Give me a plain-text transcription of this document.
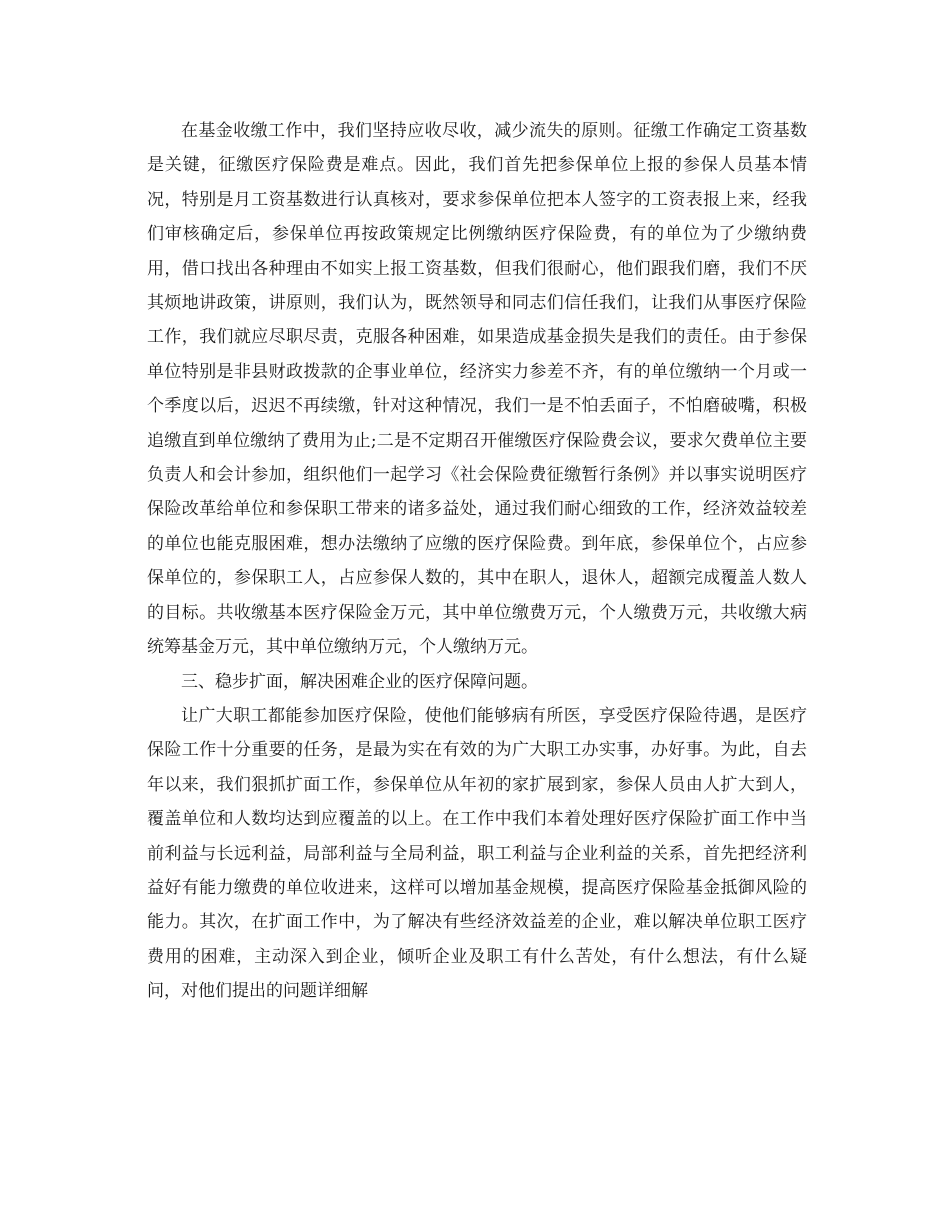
在基金收缴工作中，我们坚持应收尽收，减少流失的原则。征缴工作确定工资基数是关键，征缴医疗保险费是难点。因此，我们首先把参保单位上报的参保人员基本情况，特别是月工资基数进行认真核对，要求参保单位把本人签字的工资表报上来，经我们审核确定后，参保单位再按政策规定比例缴纳医疗保险费，有的单位为了少缴纳费用，借口找出各种理由不如实上报工资基数，但我们很耐心，他们跟我们磨，我们不厌其烦地讲政策，讲原则，我们认为，既然领导和同志们信任我们，让我们从事医疗保险工作，我们就应尽职尽责，克服各种困难，如果造成基金损失是我们的责任。由于参保单位特别是非县财政拨款的企事业单位，经济实力参差不齐，有的单位缴纳一个月或一个季度以后，迟迟不再续缴，针对这种情况，我们一是不怕丢面子，不怕磨破嘴，积极追缴直到单位缴纳了费用为止;二是不定期召开催缴医疗保险费会议，要求欠费单位主要负责人和会计参加，组织他们一起学习《社会保险费征缴暂行条例》并以事实说明医疗保险改革给单位和参保职工带来的诸多益处，通过我们耐心细致的工作，经济效益较差的单位也能克服困难，想办法缴纳了应缴的医疗保险费。到年底，参保单位个，占应参保单位的，参保职工人，占应参保人数的，其中在职人，退休人，超额完成覆盖人数人的目标。共收缴基本医疗保险金万元，其中单位缴费万元，个人缴费万元，共收缴大病统筹基金万元，其中单位缴纳万元，个人缴纳万元。

三、稳步扩面，解决困难企业的医疗保障问题。

让广大职工都能参加医疗保险，使他们能够病有所医，享受医疗保险待遇，是医疗保险工作十分重要的任务，是最为实在有效的为广大职工办实事，办好事。为此，自去年以来，我们狠抓扩面工作，参保单位从年初的家扩展到家，参保人员由人扩大到人，覆盖单位和人数均达到应覆盖的以上。在工作中我们本着处理好医疗保险扩面工作中当前利益与长远利益，局部利益与全局利益，职工利益与企业利益的关系，首先把经济利益好有能力缴费的单位收进来，这样可以增加基金规模，提高医疗保险基金抵御风险的能力。其次，在扩面工作中，为了解决有些经济效益差的企业，难以解决单位职工医疗费用的困难，主动深入到企业，倾听企业及职工有什么苦处，有什么想法，有什么疑问，对他们提出的问题详细解
